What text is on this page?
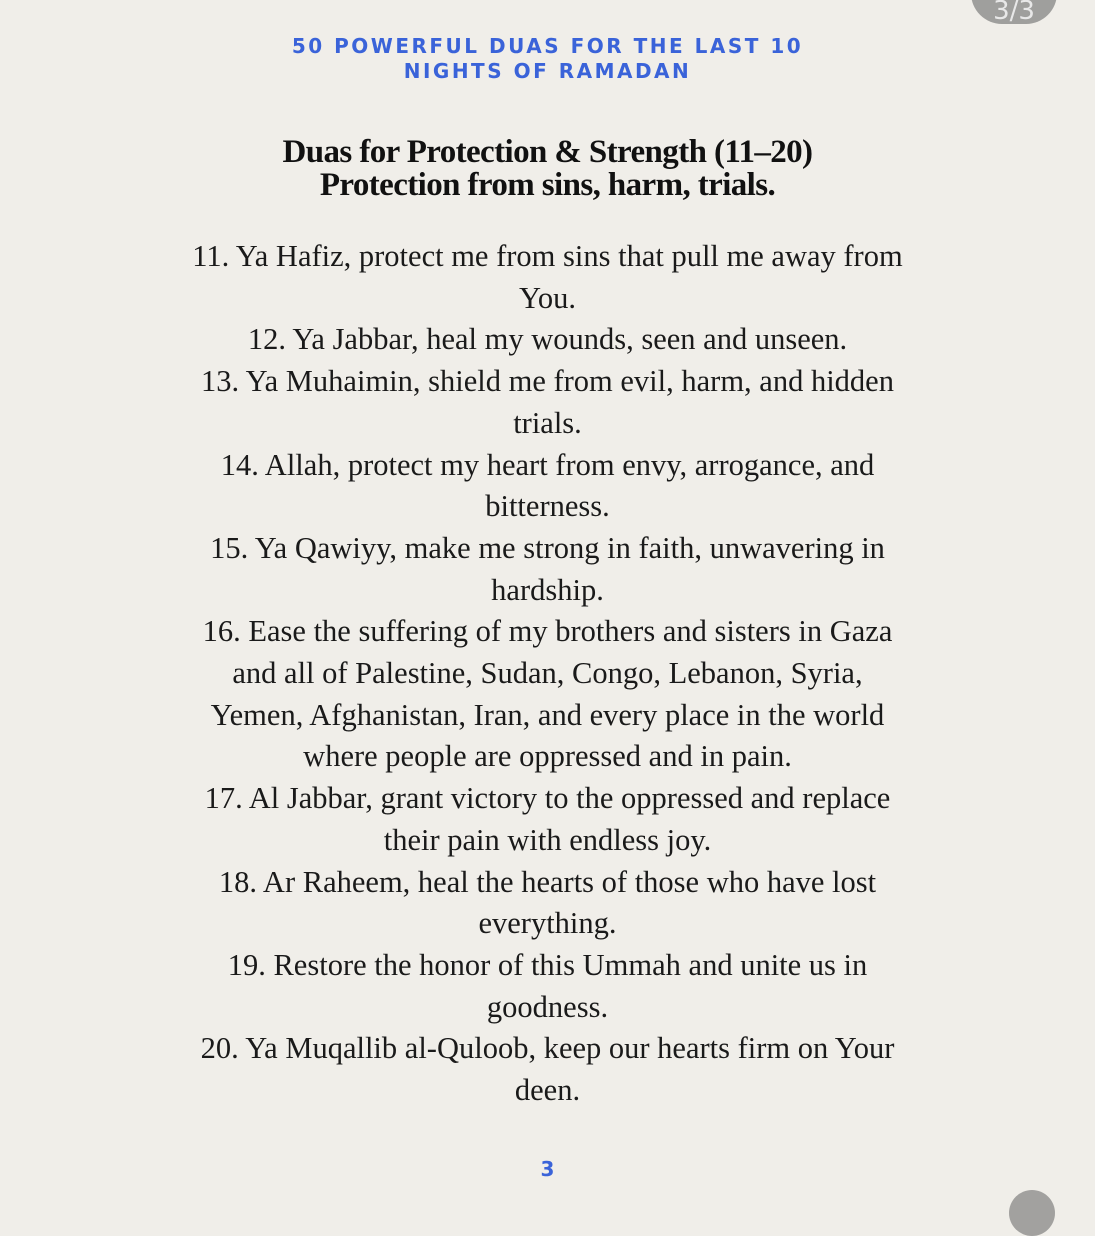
3/3
50 POWERFUL DUAS FOR THE LAST 10
NIGHTS OF RAMADAN
Duas for Protection & Strength (11–20)
Protection from sins, harm, trials.
11. Ya Hafiz, protect me from sins that pull me away from
You.
12. Ya Jabbar, heal my wounds, seen and unseen.
13. Ya Muhaimin, shield me from evil, harm, and hidden
trials.
14. Allah, protect my heart from envy, arrogance, and
bitterness.
15. Ya Qawiyy, make me strong in faith, unwavering in
hardship.
16. Ease the suffering of my brothers and sisters in Gaza
and all of Palestine, Sudan, Congo, Lebanon, Syria,
Yemen, Afghanistan, Iran, and every place in the world
where people are oppressed and in pain.
17. Al Jabbar, grant victory to the oppressed and replace
their pain with endless joy.
18. Ar Raheem, heal the hearts of those who have lost
everything.
19. Restore the honor of this Ummah and unite us in
goodness.
20. Ya Muqallib al-Quloob, keep our hearts firm on Your
deen.
3
